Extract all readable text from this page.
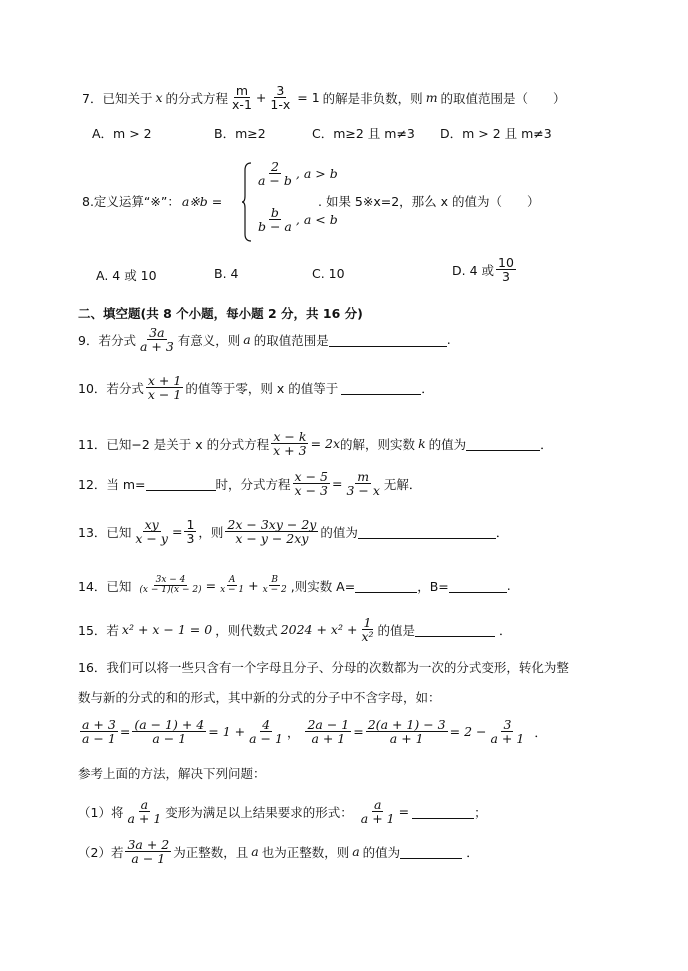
7．已知关于 x 的分式方程 $\frac{m}{x-1} + \frac{3}{1-x} = 1$ 的解是非负数，则 m 的取值范围是（　　）
A．m > 2	B．m≥2	C．m≥2 且 m≠3 D．m > 2 且 m≠3
8.定义运算“※”： a※b =
$\frac{2}{a - b}$ , a > b
$\frac{b}{b - a}$ , a < b
. 如果 5※x=2，那么 x 的值为（　　）
A. 4 或 10	B. 4	C. 10	D. 4 或 $\frac{10}{3}$
二、填空题(共 8 个小题，每小题 2 分，共 16 分)
9．若分式 $\frac{3a}{a + 3}$ 有意义，则 a 的取值范围是	.
10．若分式 $\frac{x + 1}{x - 1}$ 的值等于零，则 x 的值等于	．
11．已知−2 是关于 x 的分式方程 $\frac{x - k}{x + 3} = 2x$ 的解，则实数 k 的值为	．
12．当 m=	时，分式方程 $\frac{x - 5}{x - 3} = \frac{m}{3 - x}$ 无解．
13．已知 $\frac{xy}{x - y} = \frac{1}{3}$ ，则 $\frac{2x - 3xy - 2y}{x - y - 2xy}$ 的值为	．
14．已知 $\frac{3x - 4}{(x - 1)(x - 2)} = \frac{A}{x - 1} + \frac{B}{x - 2}$ ,则实数 A=	，B=	.
15．若 x² + x − 1 = 0 ，则代数式 $2024 + x^2 + \frac{1}{\text{x²}}$ 的值是	．
16．我们可以将一些只含有一个字母且分子、分母的次数都为一次的分式变形，转化为整
数与新的分式的和的形式，其中新的分式的分子中不含字母，如：
$\frac{a + 3}{a - 1} = \frac{(a - 1) + 4}{a - 1} = 1 + \frac{4}{a - 1}$ ， $\frac{2a - 1}{a + 1} = \frac{2(a + 1) - 3}{a + 1} = 2 - \frac{3}{a + 1}$ ．
参考上面的方法，解决下列问题：
（1）将 $\frac{a}{a + 1}$ 变形为满足以上结果要求的形式： $\frac{a}{a + 1}$ =	；
（2）若 $\frac{3a + 2}{a - 1}$ 为正整数，且 a 也为正整数，则 a 的值为	．
